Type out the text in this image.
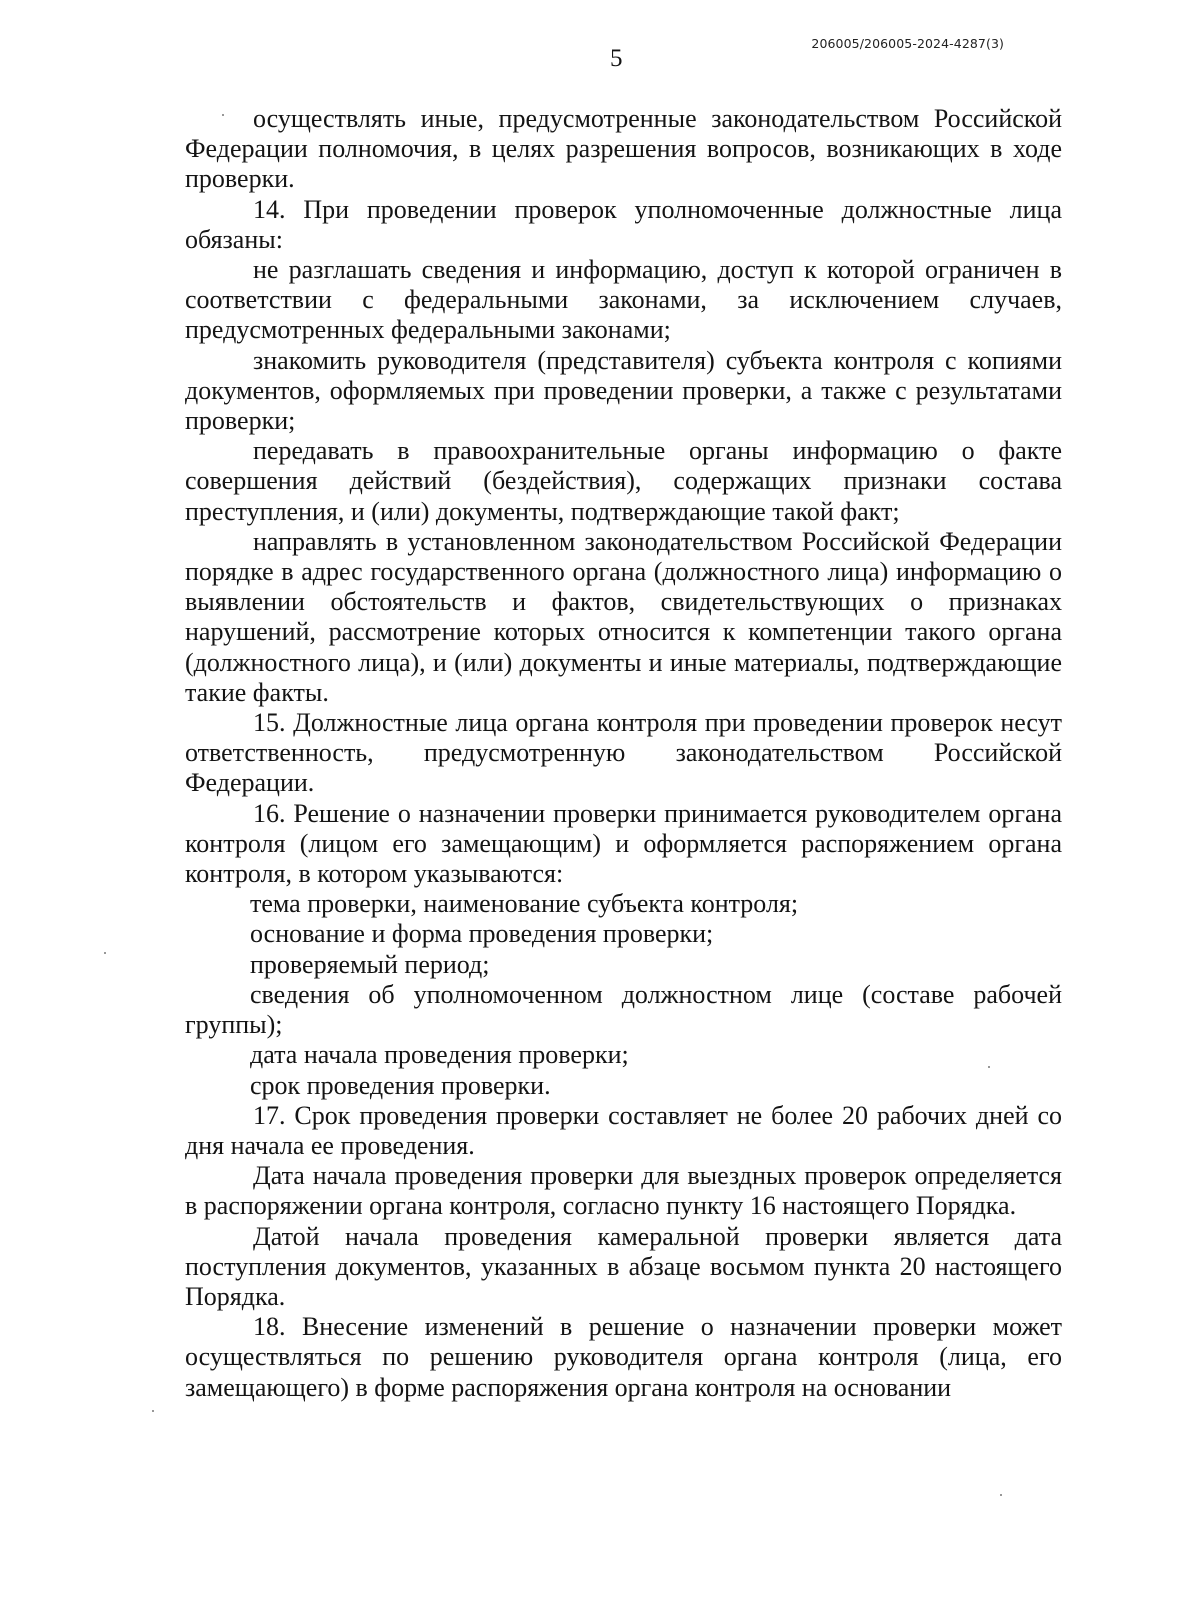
5
206005/206005-2024-4287(3)

осуществлять иные, предусмотренные законодательством Российской Федерации полномочия, в целях разрешения вопросов, возникающих в ходе проверки.

14. При проведении проверок уполномоченные должностные лица обязаны:

не разглашать сведения и информацию, доступ к которой ограничен в соответствии с федеральными законами, за исключением случаев, предусмотренных федеральными законами;

знакомить руководителя (представителя) субъекта контроля с копиями документов, оформляемых при проведении проверки, а также с результатами проверки;

передавать в правоохранительные органы информацию о факте совершения действий (бездействия), содержащих признаки состава преступления, и (или) документы, подтверждающие такой факт;

направлять в установленном законодательством Российской Федерации порядке в адрес государственного органа (должностного лица) информацию о выявлении обстоятельств и фактов, свидетельствующих о признаках нарушений, рассмотрение которых относится к компетенции такого органа (должностного лица), и (или) документы и иные материалы, подтверждающие такие факты.

15. Должностные лица органа контроля при проведении проверок несут ответственность, предусмотренную законодательством Российской Федерации.

16. Решение о назначении проверки принимается руководителем органа контроля (лицом его замещающим) и оформляется распоряжением органа контроля, в котором указываются:

тема проверки, наименование субъекта контроля;

основание и форма проведения проверки;

проверяемый период;

сведения об уполномоченном должностном лице (составе рабочей группы);

дата начала проведения проверки;

срок проведения проверки.

17. Срок проведения проверки составляет не более 20 рабочих дней со дня начала ее проведения.

Дата начала проведения проверки для выездных проверок определяется в распоряжении органа контроля, согласно пункту 16 настоящего Порядка.

Датой начала проведения камеральной проверки является дата поступления документов, указанных в абзаце восьмом пункта 20 настоящего Порядка.

18. Внесение изменений в решение о назначении проверки может осуществляться по решению руководителя органа контроля (лица, его замещающего) в форме распоряжения органа контроля на основании
